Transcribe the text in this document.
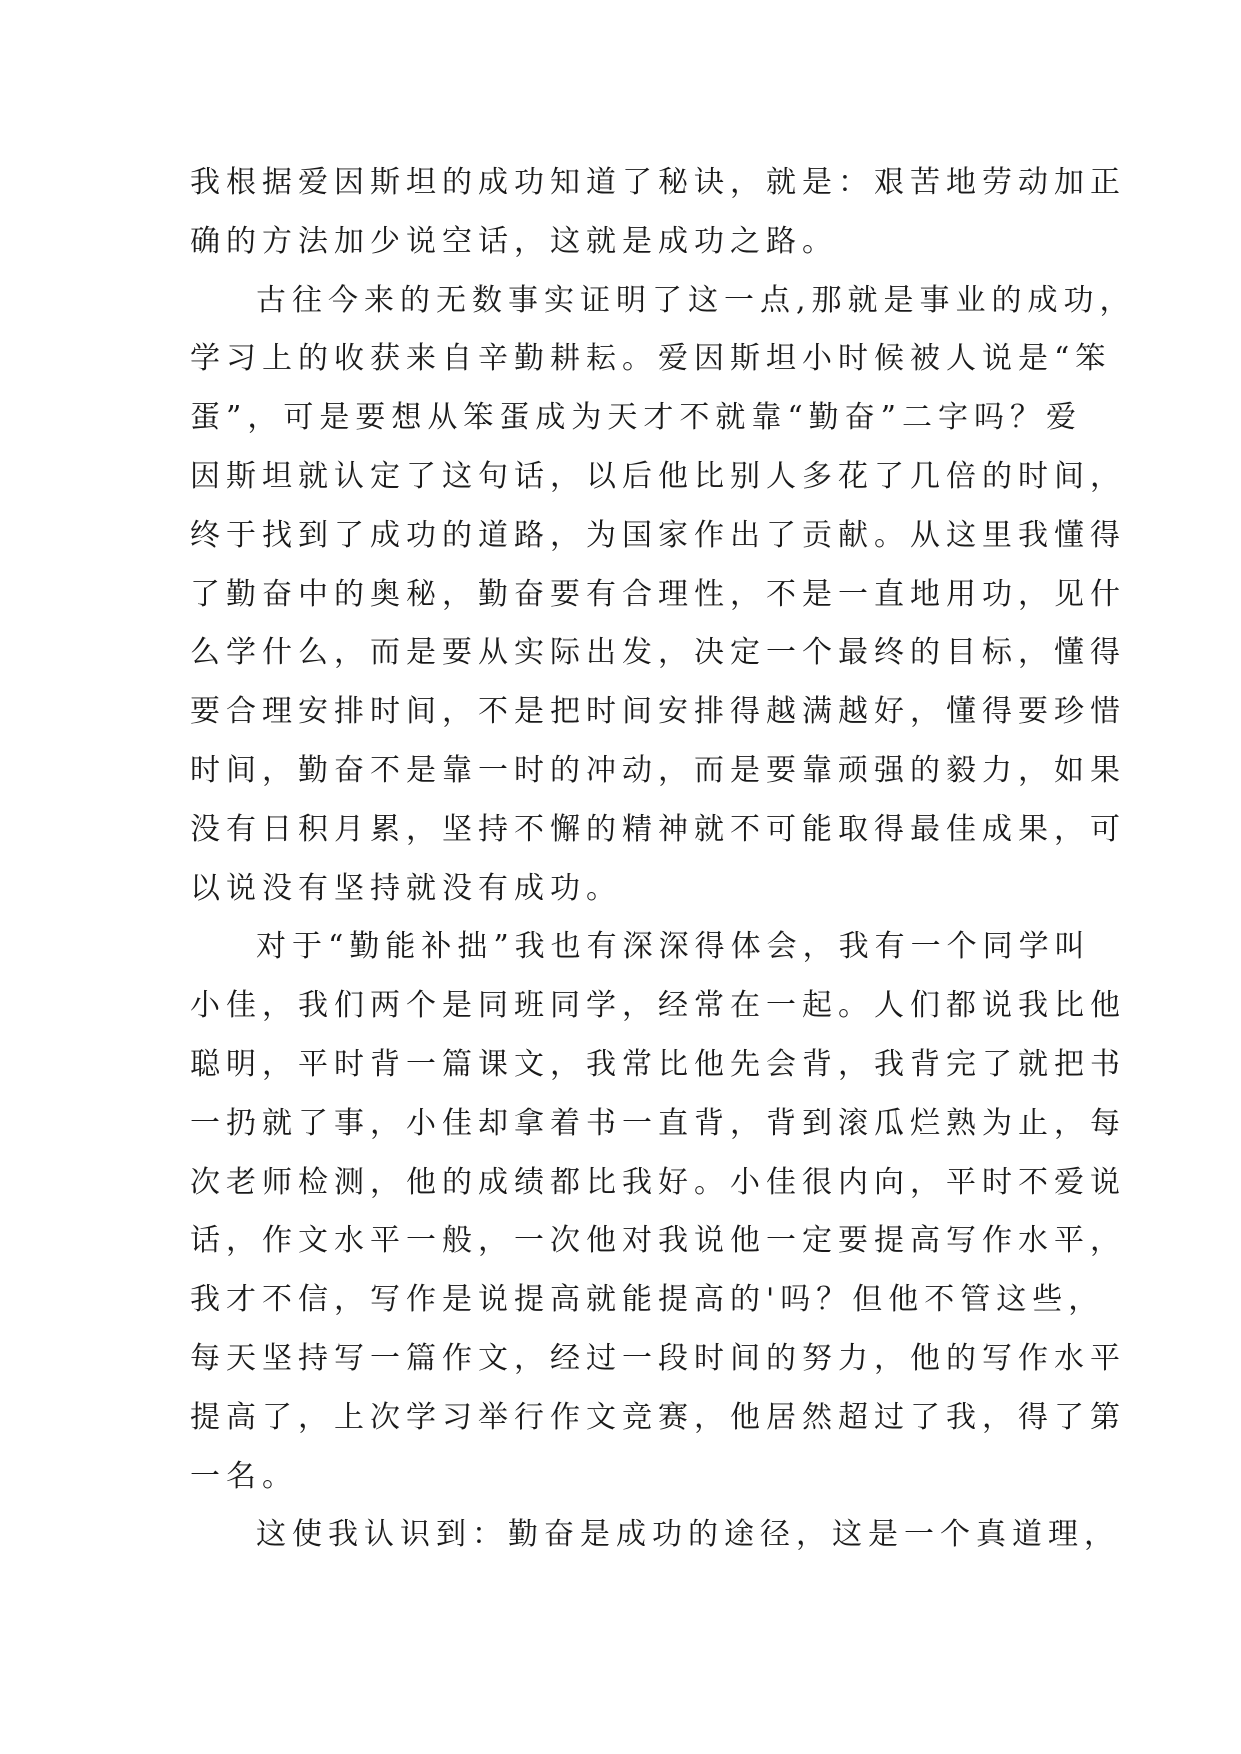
我根据爱因斯坦的成功知道了秘诀，就是：艰苦地劳动加正
确的方法加少说空话，这就是成功之路。
古往今来的无数事实证明了这一点,那就是事业的成功，
学习上的收获来自辛勤耕耘。爱因斯坦小时候被人说是“笨
蛋”，可是要想从笨蛋成为天才不就靠“勤奋”二字吗？爱
因斯坦就认定了这句话，以后他比别人多花了几倍的时间，
终于找到了成功的道路，为国家作出了贡献。从这里我懂得
了勤奋中的奥秘，勤奋要有合理性，不是一直地用功，见什
么学什么，而是要从实际出发，决定一个最终的目标，懂得
要合理安排时间，不是把时间安排得越满越好，懂得要珍惜
时间，勤奋不是靠一时的冲动，而是要靠顽强的毅力，如果
没有日积月累，坚持不懈的精神就不可能取得最佳成果，可
以说没有坚持就没有成功。
对于“勤能补拙”我也有深深得体会，我有一个同学叫
小佳，我们两个是同班同学，经常在一起。人们都说我比他
聪明，平时背一篇课文，我常比他先会背，我背完了就把书
一扔就了事，小佳却拿着书一直背，背到滚瓜烂熟为止，每
次老师检测，他的成绩都比我好。小佳很内向，平时不爱说
话，作文水平一般，一次他对我说他一定要提高写作水平，
我才不信，写作是说提高就能提高的'吗？但他不管这些，
每天坚持写一篇作文，经过一段时间的努力，他的写作水平
提高了，上次学习举行作文竞赛，他居然超过了我，得了第
一名。
这使我认识到：勤奋是成功的途径，这是一个真道理，
